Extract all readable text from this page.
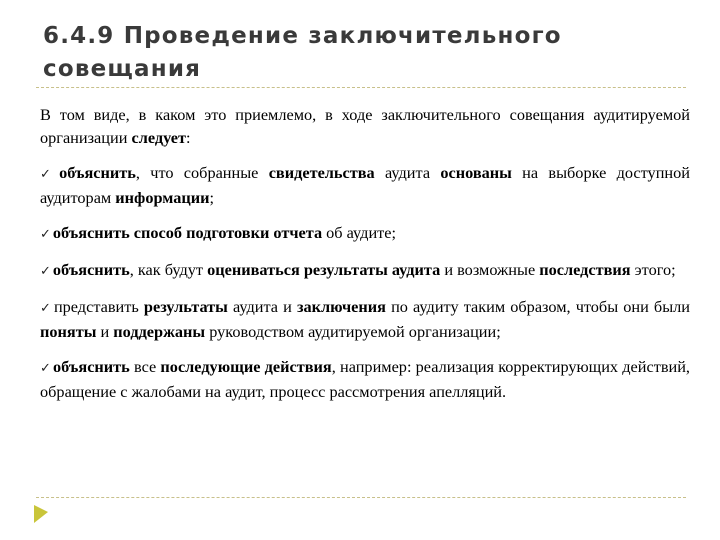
6.4.9 Проведение заключительного совещания

В том виде, в каком это приемлемо, в ходе заключительного совещания аудитируемой организации следует:

✓ объяснить, что собранные свидетельства аудита основаны на выборке доступной аудиторам информации;

✓ объяснить способ подготовки отчета об аудите;

✓ объяснить, как будут оцениваться результаты аудита и возможные последствия этого;

✓ представить результаты аудита и заключения по аудиту таким образом, чтобы они были поняты и поддержаны руководством аудитируемой организации;

✓ объяснить все последующие действия, например: реализация корректирующих действий, обращение с жалобами на аудит, процесс рассмотрения апелляций.
